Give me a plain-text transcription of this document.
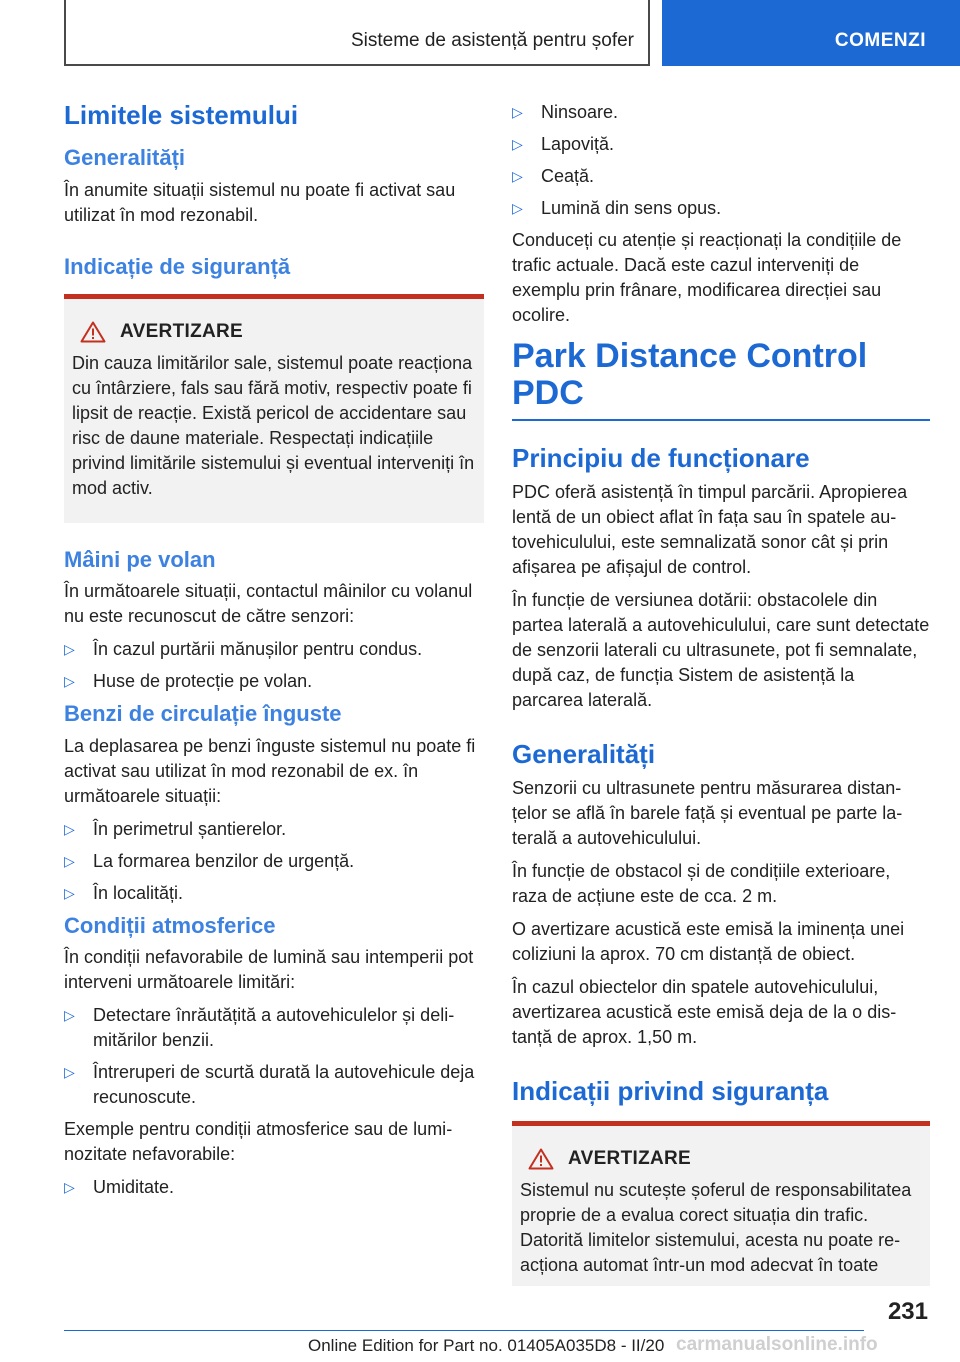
Sisteme de asistență pentru șofer	COMENZI
Limitele sistemului
Generalități
În anumite situații sistemul nu poate fi activat sau utilizat în mod rezonabil.
Indicație de siguranță
AVERTIZARE
Din cauza limitărilor sale, sistemul poate reacționa cu întârziere, fals sau fără motiv, respectiv poate fi lipsit de reacție. Există pericol de accidentare sau risc de daune materiale. Respectați indicațiile privind limitările sistemului și eventual interveniți în mod activ.
Mâini pe volan
În următoarele situații, contactul mâinilor cu volanul nu este recunoscut de către senzori:
▷ În cazul purtării mănușilor pentru condus.
▷ Huse de protecție pe volan.
Benzi de circulație înguste
La deplasarea pe benzi înguste sistemul nu poate fi activat sau utilizat în mod rezonabil de ex. în următoarele situații:
▷ În perimetrul șantierelor.
▷ La formarea benzilor de urgență.
▷ În localități.
Condiții atmosferice
În condiții nefavorabile de lumină sau intemperii pot interveni următoarele limitări:
▷ Detectare înrăutățită a autovehiculelor și delimitărilor benzii.
▷ Întreruperi de scurtă durată la autovehicule deja recunoscute.
Exemple pentru condiții atmosferice sau de luminozitate nefavorabile:
▷ Umiditate.
▷ Ninsoare.
▷ Lapoviță.
▷ Ceață.
▷ Lumină din sens opus.
Conduceți cu atenție și reacționați la condițiile de trafic actuale. Dacă este cazul interveniți de exemplu prin frânare, modificarea direcției sau ocolire.
Park Distance Control PDC
Principiu de funcționare
PDC oferă asistență în timpul parcării. Apropierea lentă de un obiect aflat în fața sau în spatele autovehiculului, este semnalizată sonor cât și prin afișarea pe afișajul de control.
În funcție de versiunea dotării: obstacolele din partea laterală a autovehiculului, care sunt detectate de senzorii laterali cu ultrasunete, pot fi semnalate, după caz, de funcția Sistem de asistență la parcarea laterală.
Generalități
Senzorii cu ultrasunete pentru măsurarea distanțelor se află în barele față și eventual pe parte laterală a autovehiculului.
În funcție de obstacol și de condițiile exterioare, raza de acțiune este de cca. 2 m.
O avertizare acustică este emisă la iminența unei coliziuni la aprox. 70 cm distanță de obiect.
În cazul obiectelor din spatele autovehiculului, avertizarea acustică este emisă deja de la o distanță de aprox. 1,50 m.
Indicații privind siguranța
AVERTIZARE
Sistemul nu scutește șoferul de responsabilitatea proprie de a evalua corect situația din trafic. Datorită limitelor sistemului, acesta nu poate reacționa automat într-un mod adecvat în toate
231
Online Edition for Part no. 01405A035D8 - II/20 carmanualsonline.info
